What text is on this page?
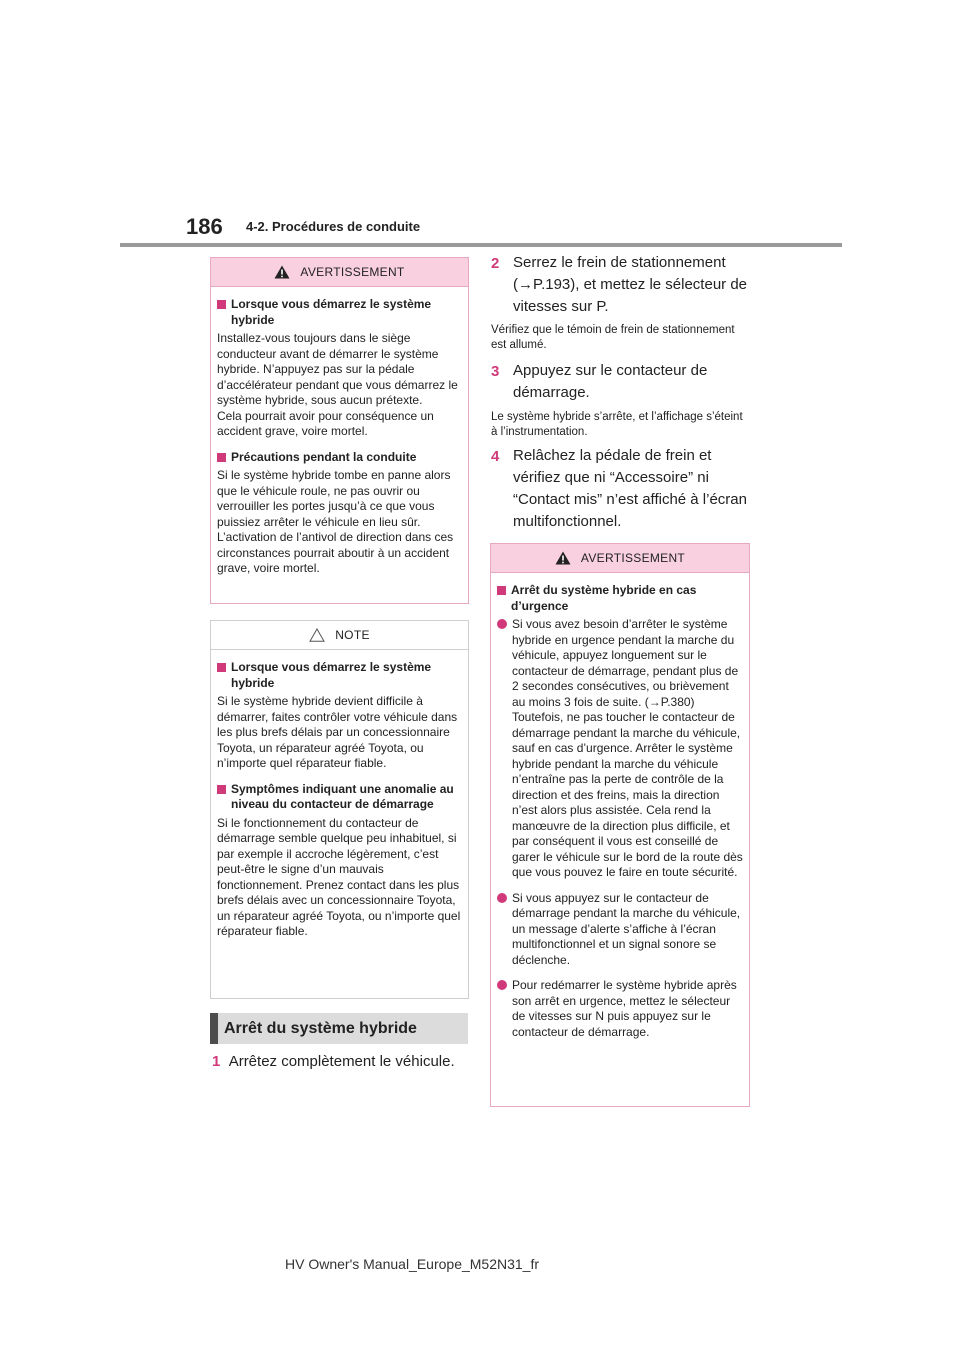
186 4-2. Procédures de conduite
AVERTISSEMENT
Lorsque vous démarrez le système hybride
Installez-vous toujours dans le siège conducteur avant de démarrer le système hybride. N’appuyez pas sur la pédale d’accélérateur pendant que vous démarrez le système hybride, sous aucun prétexte.
Cela pourrait avoir pour conséquence un accident grave, voire mortel.
Précautions pendant la conduite
Si le système hybride tombe en panne alors que le véhicule roule, ne pas ouvrir ou verrouiller les portes jusqu’à ce que vous puissiez arrêter le véhicule en lieu sûr. L’activation de l’antivol de direction dans ces circonstances pourrait aboutir à un accident grave, voire mortel.
NOTE
Lorsque vous démarrez le système hybride
Si le système hybride devient difficile à démarrer, faites contrôler votre véhicule dans les plus brefs délais par un concessionnaire Toyota, un réparateur agréé Toyota, ou n’importe quel réparateur fiable.
Symptômes indiquant une anomalie au niveau du contacteur de démarrage
Si le fonctionnement du contacteur de démarrage semble quelque peu inhabituel, si par exemple il accroche légèrement, c’est peut-être le signe d’un mauvais fonctionnement. Prenez contact dans les plus brefs délais avec un concessionnaire Toyota, un réparateur agréé Toyota, ou n’importe quel réparateur fiable.
Arrêt du système hybride
1 Arrêtez complètement le véhicule.
2 Serrez le frein de stationnement (→P.193), et mettez le sélecteur de vitesses sur P.
Vérifiez que le témoin de frein de stationnement est allumé.
3 Appuyez sur le contacteur de démarrage.
Le système hybride s’arrête, et l’affichage s’éteint à l’instrumentation.
4 Relâchez la pédale de frein et vérifiez que ni “Accessoire” ni “Contact mis” n’est affiché à l’écran multifonctionnel.
AVERTISSEMENT
Arrêt du système hybride en cas d’urgence
Si vous avez besoin d’arrêter le système hybride en urgence pendant la marche du véhicule, appuyez longuement sur le contacteur de démarrage, pendant plus de 2 secondes consécutives, ou brièvement au moins 3 fois de suite. (→P.380)
Toutefois, ne pas toucher le contacteur de démarrage pendant la marche du véhicule, sauf en cas d’urgence. Arrêter le système hybride pendant la marche du véhicule n’entraîne pas la perte de contrôle de la direction et des freins, mais la direction n’est alors plus assistée. Cela rend la manœuvre de la direction plus difficile, et par conséquent il vous est conseillé de garer le véhicule sur le bord de la route dès que vous pouvez le faire en toute sécurité.
Si vous appuyez sur le contacteur de démarrage pendant la marche du véhicule, un message d’alerte s’affiche à l’écran multifonctionnel et un signal sonore se déclenche.
Pour redémarrer le système hybride après son arrêt en urgence, mettez le sélecteur de vitesses sur N puis appuyez sur le contacteur de démarrage.
HV Owner's Manual_Europe_M52N31_fr
